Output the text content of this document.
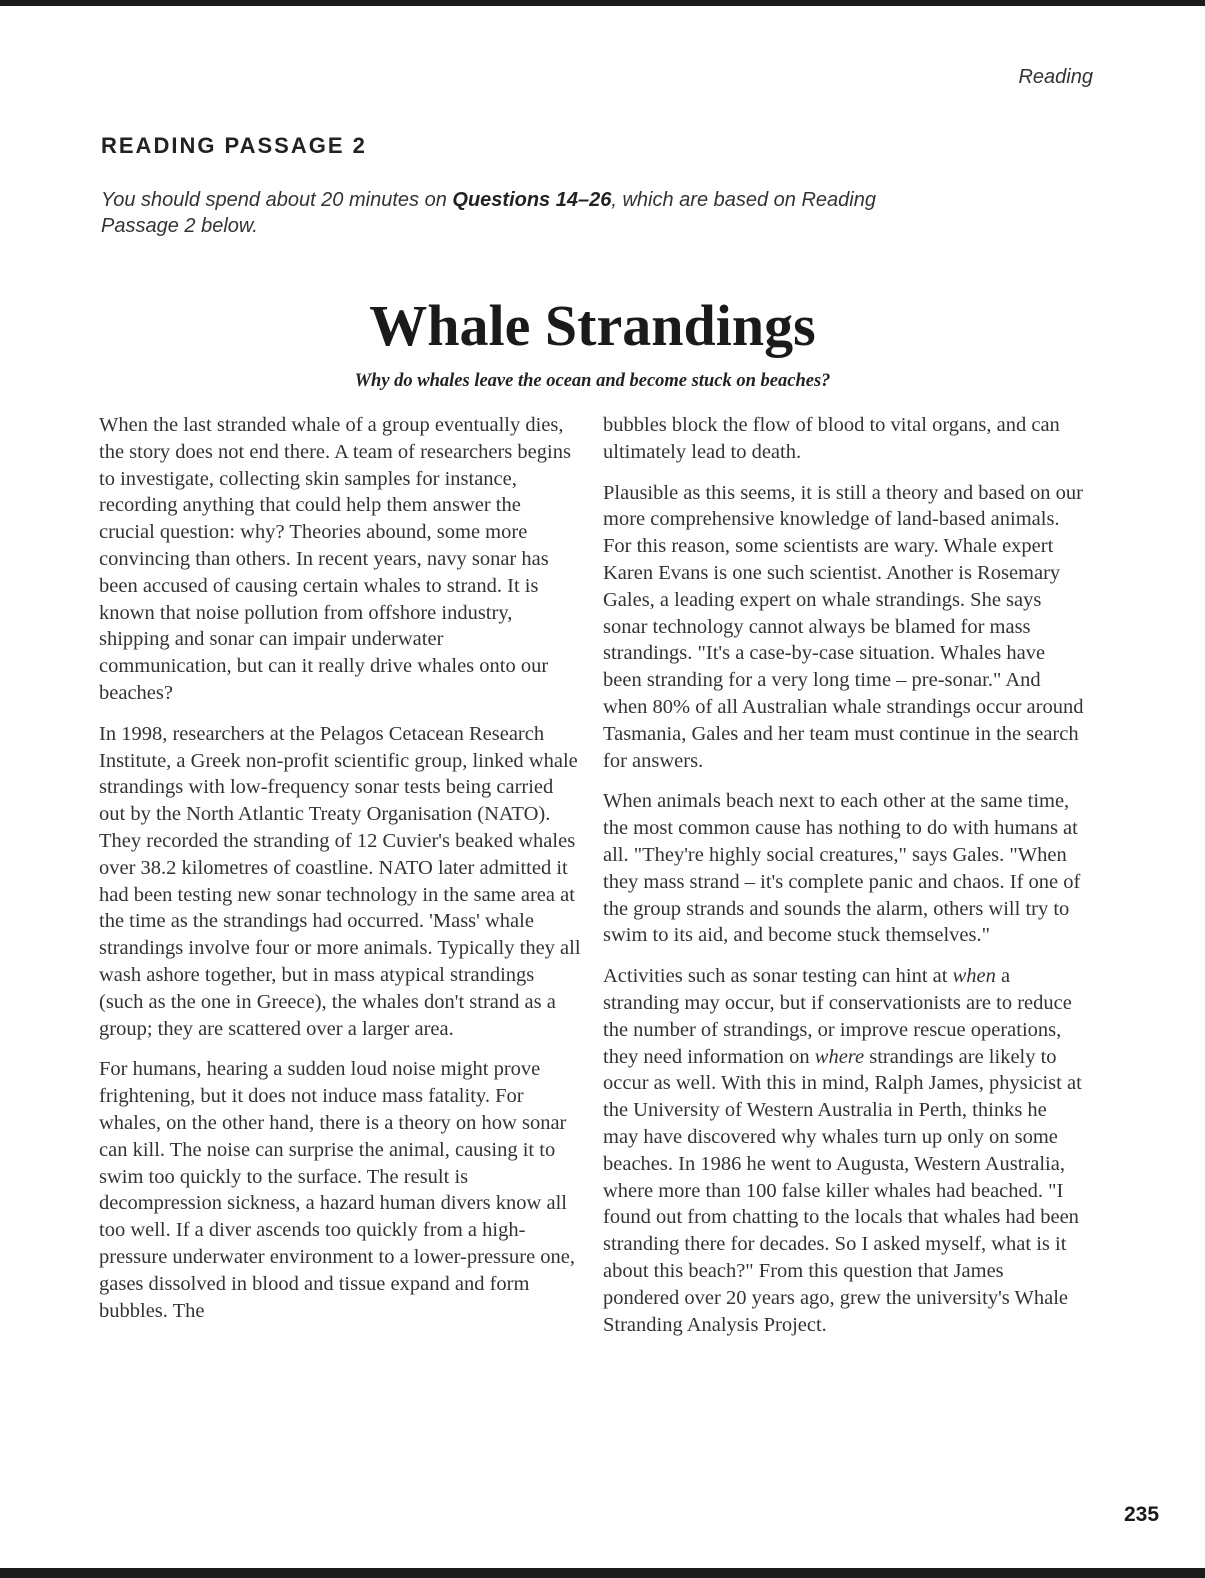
Reading
READING PASSAGE 2

You should spend about 20 minutes on Questions 14–26, which are based on Reading Passage 2 below.

Whale Strandings
Why do whales leave the ocean and become stuck on beaches?

When the last stranded whale of a group eventually dies, the story does not end there. A team of researchers begins to investigate, collecting skin samples for instance, recording anything that could help them answer the crucial question: why? Theories abound, some more convincing than others. In recent years, navy sonar has been accused of causing certain whales to strand. It is known that noise pollution from offshore industry, shipping and sonar can impair underwater communication, but can it really drive whales onto our beaches?

In 1998, researchers at the Pelagos Cetacean Research Institute, a Greek non-profit scientific group, linked whale strandings with low-frequency sonar tests being carried out by the North Atlantic Treaty Organisation (NATO). They recorded the stranding of 12 Cuvier's beaked whales over 38.2 kilometres of coastline. NATO later admitted it had been testing new sonar technology in the same area at the time as the strandings had occurred. 'Mass' whale strandings involve four or more animals. Typically they all wash ashore together, but in mass atypical strandings (such as the one in Greece), the whales don't strand as a group; they are scattered over a larger area.

For humans, hearing a sudden loud noise might prove frightening, but it does not induce mass fatality. For whales, on the other hand, there is a theory on how sonar can kill. The noise can surprise the animal, causing it to swim too quickly to the surface. The result is decompression sickness, a hazard human divers know all too well. If a diver ascends too quickly from a high-pressure underwater environment to a lower-pressure one, gases dissolved in blood and tissue expand and form bubbles. The

bubbles block the flow of blood to vital organs, and can ultimately lead to death.

Plausible as this seems, it is still a theory and based on our more comprehensive knowledge of land-based animals. For this reason, some scientists are wary. Whale expert Karen Evans is one such scientist. Another is Rosemary Gales, a leading expert on whale strandings. She says sonar technology cannot always be blamed for mass strandings. "It's a case-by-case situation. Whales have been stranding for a very long time – pre-sonar." And when 80% of all Australian whale strandings occur around Tasmania, Gales and her team must continue in the search for answers.

When animals beach next to each other at the same time, the most common cause has nothing to do with humans at all. "They're highly social creatures," says Gales. "When they mass strand – it's complete panic and chaos. If one of the group strands and sounds the alarm, others will try to swim to its aid, and become stuck themselves."

Activities such as sonar testing can hint at when a stranding may occur, but if conservationists are to reduce the number of strandings, or improve rescue operations, they need information on where strandings are likely to occur as well. With this in mind, Ralph James, physicist at the University of Western Australia in Perth, thinks he may have discovered why whales turn up only on some beaches. In 1986 he went to Augusta, Western Australia, where more than 100 false killer whales had beached. "I found out from chatting to the locals that whales had been stranding there for decades. So I asked myself, what is it about this beach?" From this question that James pondered over 20 years ago, grew the university's Whale Stranding Analysis Project.

235
